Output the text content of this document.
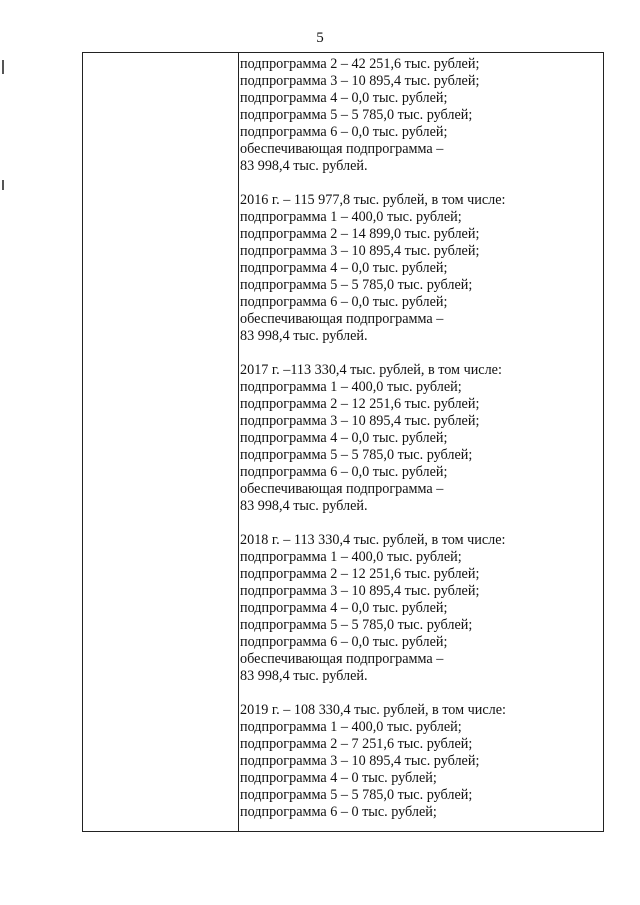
5
подпрограмма 2 – 42 251,6 тыс. рублей;
подпрограмма 3 – 10 895,4 тыс. рублей;
подпрограмма 4 – 0,0 тыс. рублей;
подпрограмма 5 – 5 785,0 тыс. рублей;
подпрограмма 6 – 0,0 тыс. рублей;
обеспечивающая подпрограмма –
83 998,4 тыс. рублей.
2016 г. – 115 977,8 тыс. рублей, в том числе:
подпрограмма 1 – 400,0 тыс. рублей;
подпрограмма 2 – 14 899,0 тыс. рублей;
подпрограмма 3 – 10 895,4 тыс. рублей;
подпрограмма 4 – 0,0 тыс. рублей;
подпрограмма 5 – 5 785,0 тыс. рублей;
подпрограмма 6 – 0,0 тыс. рублей;
обеспечивающая подпрограмма –
83 998,4 тыс. рублей.
2017 г. –113 330,4 тыс. рублей, в том числе:
подпрограмма 1 – 400,0 тыс. рублей;
подпрограмма 2 – 12 251,6 тыс. рублей;
подпрограмма 3 – 10 895,4 тыс. рублей;
подпрограмма 4 – 0,0 тыс. рублей;
подпрограмма 5 – 5 785,0 тыс. рублей;
подпрограмма 6 – 0,0 тыс. рублей;
обеспечивающая подпрограмма –
83 998,4 тыс. рублей.
2018 г. – 113 330,4 тыс. рублей, в том числе:
подпрограмма 1 – 400,0 тыс. рублей;
подпрограмма 2 – 12 251,6 тыс. рублей;
подпрограмма 3 – 10 895,4 тыс. рублей;
подпрограмма 4 – 0,0 тыс. рублей;
подпрограмма 5 – 5 785,0 тыс. рублей;
подпрограмма 6 – 0,0 тыс. рублей;
обеспечивающая подпрограмма –
83 998,4 тыс. рублей.
2019 г. – 108 330,4 тыс. рублей, в том числе:
подпрограмма 1 – 400,0 тыс. рублей;
подпрограмма 2 – 7 251,6 тыс. рублей;
подпрограмма 3 – 10 895,4 тыс. рублей;
подпрограмма 4 – 0 тыс. рублей;
подпрограмма 5 – 5 785,0 тыс. рублей;
подпрограмма 6 – 0 тыс. рублей;
